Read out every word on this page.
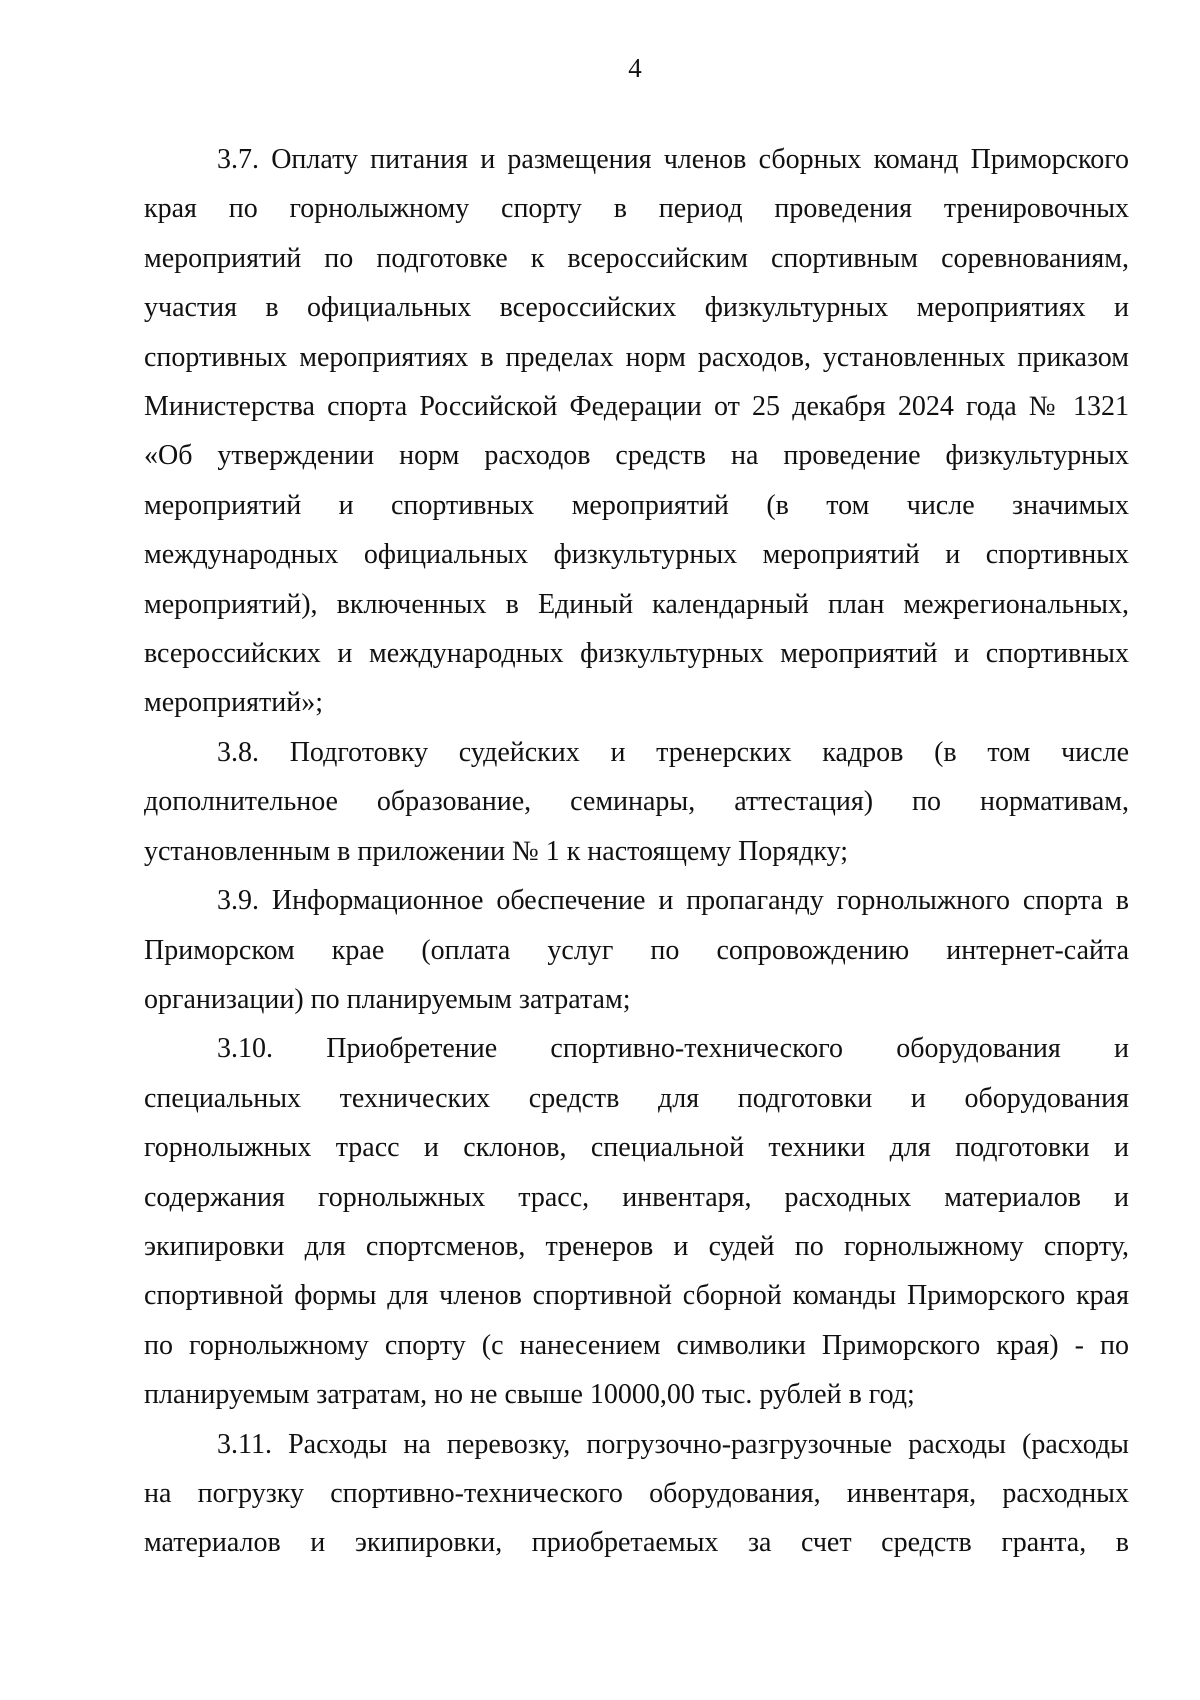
4
3.7. Оплату питания и размещения членов сборных команд Приморского
края по горнолыжному спорту в период проведения тренировочных
мероприятий по подготовке к всероссийским спортивным соревнованиям,
участия в официальных всероссийских физкультурных мероприятиях и
спортивных мероприятиях в пределах норм расходов, установленных приказом
Министерства спорта Российской Федерации от 25 декабря 2024 года № 1321
«Об утверждении норм расходов средств на проведение физкультурных
мероприятий и спортивных мероприятий (в том числе значимых
международных официальных физкультурных мероприятий и спортивных
мероприятий), включенных в Единый календарный план межрегиональных,
всероссийских и международных физкультурных мероприятий и спортивных
мероприятий»;
3.8. Подготовку судейских и тренерских кадров (в том числе
дополнительное образование, семинары, аттестация) по нормативам,
установленным в приложении № 1 к настоящему Порядку;
3.9. Информационное обеспечение и пропаганду горнолыжного спорта в
Приморском крае (оплата услуг по сопровождению интернет-сайта
организации) по планируемым затратам;
3.10. Приобретение спортивно-технического оборудования и
специальных технических средств для подготовки и оборудования
горнолыжных трасс и склонов, специальной техники для подготовки и
содержания горнолыжных трасс, инвентаря, расходных материалов и
экипировки для спортсменов, тренеров и судей по горнолыжному спорту,
спортивной формы для членов спортивной сборной команды Приморского края
по горнолыжному спорту (с нанесением символики Приморского края) - по
планируемым затратам, но не свыше 10000,00 тыс. рублей в год;
3.11. Расходы на перевозку, погрузочно-разгрузочные расходы (расходы
на погрузку спортивно-технического оборудования, инвентаря, расходных
материалов и экипировки, приобретаемых за счет средств гранта, в
